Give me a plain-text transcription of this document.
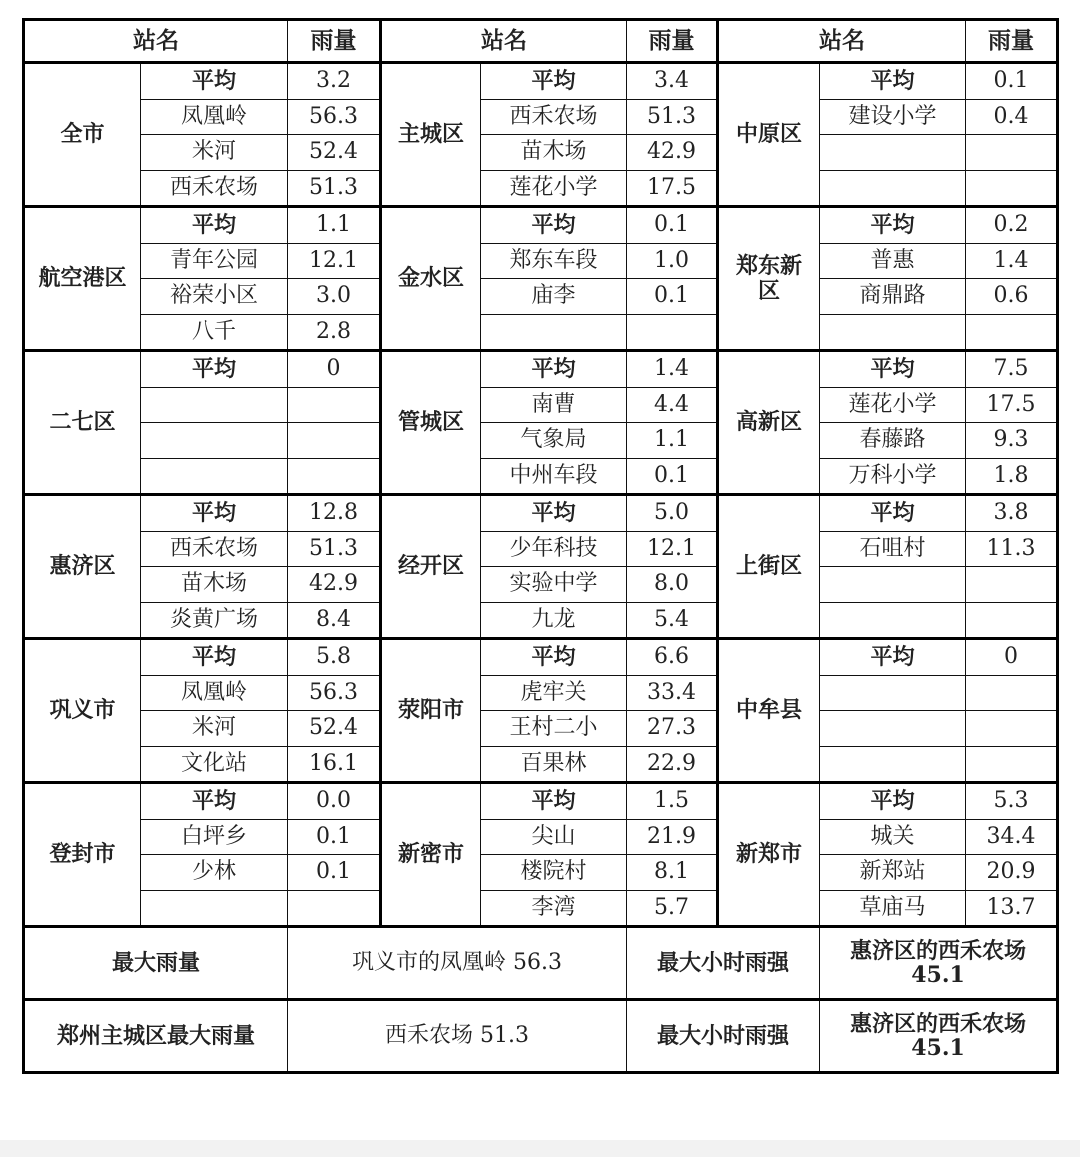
站名		雨量	站名		雨量	站名		雨量
全市	平均	3.2	主城区	平均	3.4	中原区	平均	0.1
	凤凰岭	56.3		西禾农场	51.3		建设小学	0.4
	米河	52.4		苗木场	42.9			
	西禾农场	51.3		莲花小学	17.5			
航空港区	平均	1.1	金水区	平均	0.1	郑东新区	平均	0.2
	青年公园	12.1		郑东车段	1.0		普惠	1.4
	裕荣小区	3.0		庙李	0.1		商鼎路	0.6
	八千	2.8						
二七区	平均	0	管城区	平均	1.4	高新区	平均	7.5
				南曹	4.4		莲花小学	17.5
				气象局	1.1		春藤路	9.3
				中州车段	0.1		万科小学	1.8
惠济区	平均	12.8	经开区	平均	5.0	上街区	平均	3.8
	西禾农场	51.3		少年科技	12.1		石咀村	11.3
	苗木场	42.9		实验中学	8.0			
	炎黄广场	8.4		九龙	5.4			
巩义市	平均	5.8	荥阳市	平均	6.6	中牟县	平均	0
	凤凰岭	56.3		虎牢关	33.4			
	米河	52.4		王村二小	27.3			
	文化站	16.1		百果林	22.9			
登封市	平均	0.0	新密市	平均	1.5	新郑市	平均	5.3
	白坪乡	0.1		尖山	21.9		城关	34.4
	少林	0.1		楼院村	8.1		新郑站	20.9
				李湾	5.7		草庙马	13.7
最大雨量		巩义市的凤凰岭 56.3			最大小时雨强		惠济区的西禾农场 45.1	
郑州主城区最大雨量		西禾农场 51.3			最大小时雨强		惠济区的西禾农场 45.1	
